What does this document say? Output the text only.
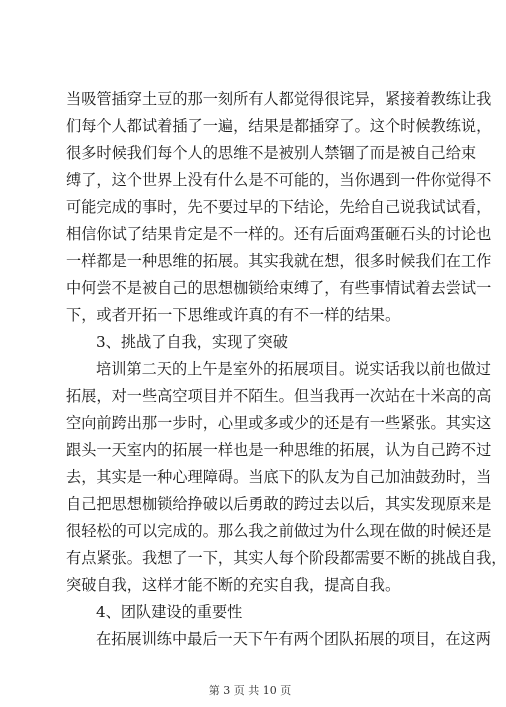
当吸管插穿土豆的那一刻所有人都觉得很诧异，紧接着教练让我
们每个人都试着插了一遍，结果是都插穿了。这个时候教练说，
很多时候我们每个人的思维不是被别人禁锢了而是被自己给束
缚了，这个世界上没有什么是不可能的，当你遇到一件你觉得不
可能完成的事时，先不要过早的下结论，先给自己说我试试看，
相信你试了结果肯定是不一样的。还有后面鸡蛋砸石头的讨论也
一样都是一种思维的拓展。其实我就在想，很多时候我们在工作
中何尝不是被自己的思想枷锁给束缚了，有些事情试着去尝试一
下，或者开拓一下思维或许真的有不一样的结果。
3、挑战了自我，实现了突破
培训第二天的上午是室外的拓展项目。说实话我以前也做过
拓展，对一些高空项目并不陌生。但当我再一次站在十米高的高
空向前跨出那一步时，心里或多或少的还是有一些紧张。其实这
跟头一天室内的拓展一样也是一种思维的拓展，认为自己跨不过
去，其实是一种心理障碍。当底下的队友为自己加油鼓劲时，当
自己把思想枷锁给挣破以后勇敢的跨过去以后，其实发现原来是
很轻松的可以完成的。那么我之前做过为什么现在做的时候还是
有点紧张。我想了一下，其实人每个阶段都需要不断的挑战自我，
突破自我，这样才能不断的充实自我，提高自我。
4、团队建设的重要性
在拓展训练中最后一天下午有两个团队拓展的项目，在这两
第 3 页 共 10 页
